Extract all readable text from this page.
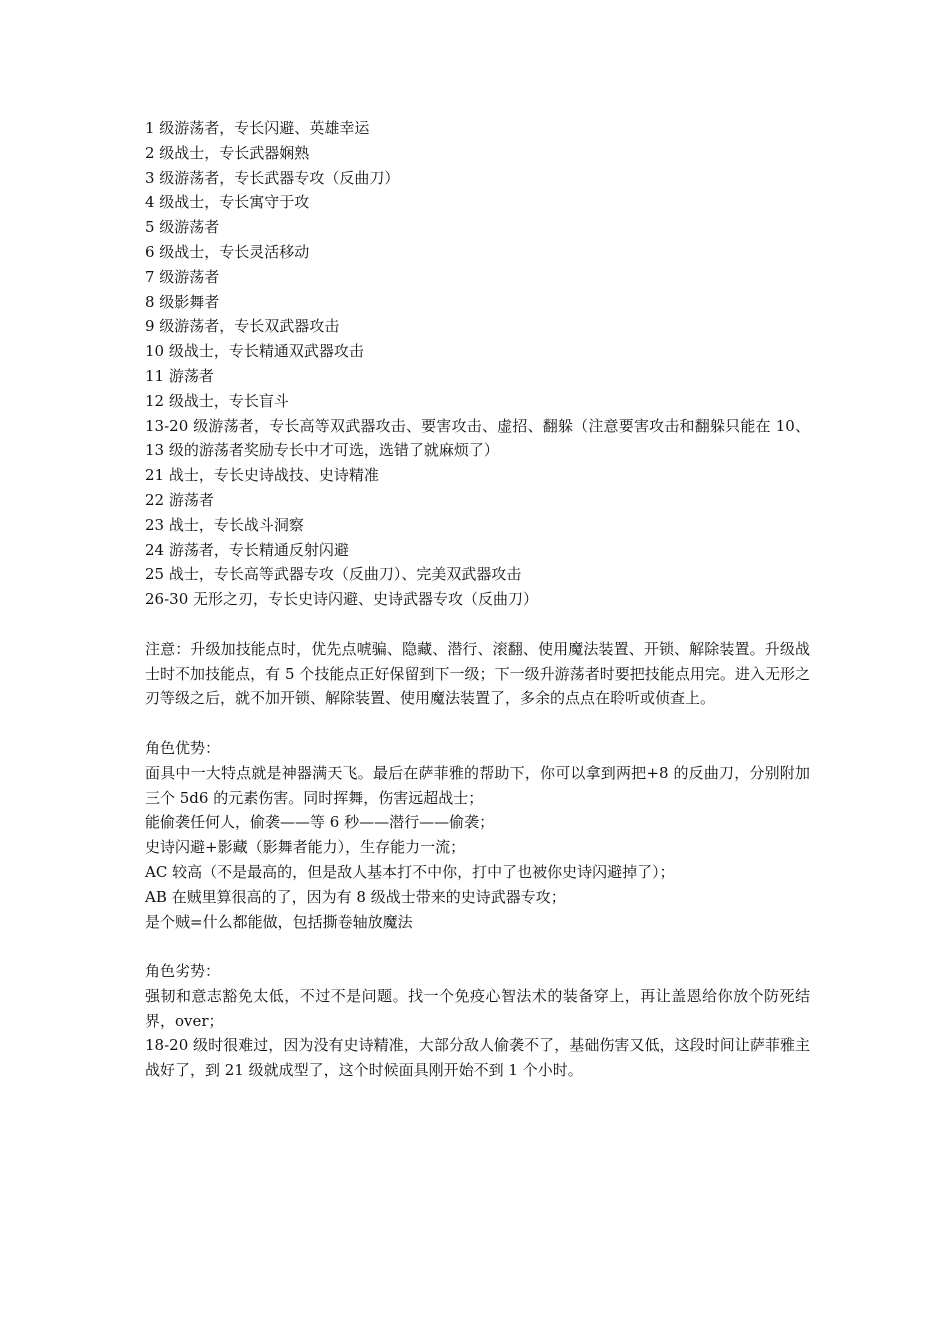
1 级游荡者，专长闪避、英雄幸运
2 级战士，专长武器娴熟
3 级游荡者，专长武器专攻（反曲刀）
4 级战士，专长寓守于攻
5 级游荡者
6 级战士，专长灵活移动
7 级游荡者
8 级影舞者
9 级游荡者，专长双武器攻击
10 级战士，专长精通双武器攻击
11 游荡者
12 级战士，专长盲斗
13-20 级游荡者，专长高等双武器攻击、要害攻击、虚招、翻躲（注意要害攻击和翻躲只能在 10、13 级的游荡者奖励专长中才可选，选错了就麻烦了）
21 战士，专长史诗战技、史诗精准
22 游荡者
23 战士，专长战斗洞察
24 游荡者，专长精通反射闪避
25 战士，专长高等武器专攻（反曲刀）、完美双武器攻击
26-30 无形之刃，专长史诗闪避、史诗武器专攻（反曲刀）
注意：升级加技能点时，优先点唬骗、隐藏、潜行、滚翻、使用魔法装置、开锁、解除装置。升级战士时不加技能点，有 5 个技能点正好保留到下一级；下一级升游荡者时要把技能点用完。进入无形之刃等级之后，就不加开锁、解除装置、使用魔法装置了，多余的点点在聆听或侦查上。
角色优势：
面具中一大特点就是神器满天飞。最后在萨菲雅的帮助下，你可以拿到两把+8 的反曲刀，分别附加三个 5d6 的元素伤害。同时挥舞，伤害远超战士；
能偷袭任何人，偷袭——等 6 秒——潜行——偷袭；
史诗闪避+影藏（影舞者能力），生存能力一流；
AC 较高（不是最高的，但是敌人基本打不中你，打中了也被你史诗闪避掉了）；
AB 在贼里算很高的了，因为有 8 级战士带来的史诗武器专攻；
是个贼=什么都能做，包括撕卷轴放魔法
角色劣势：
强韧和意志豁免太低，不过不是问题。找一个免疫心智法术的装备穿上，再让盖恩给你放个防死结界，over；
18-20 级时很难过，因为没有史诗精准，大部分敌人偷袭不了，基础伤害又低，这段时间让萨菲雅主战好了，到 21 级就成型了，这个时候面具刚开始不到 1 个小时。
